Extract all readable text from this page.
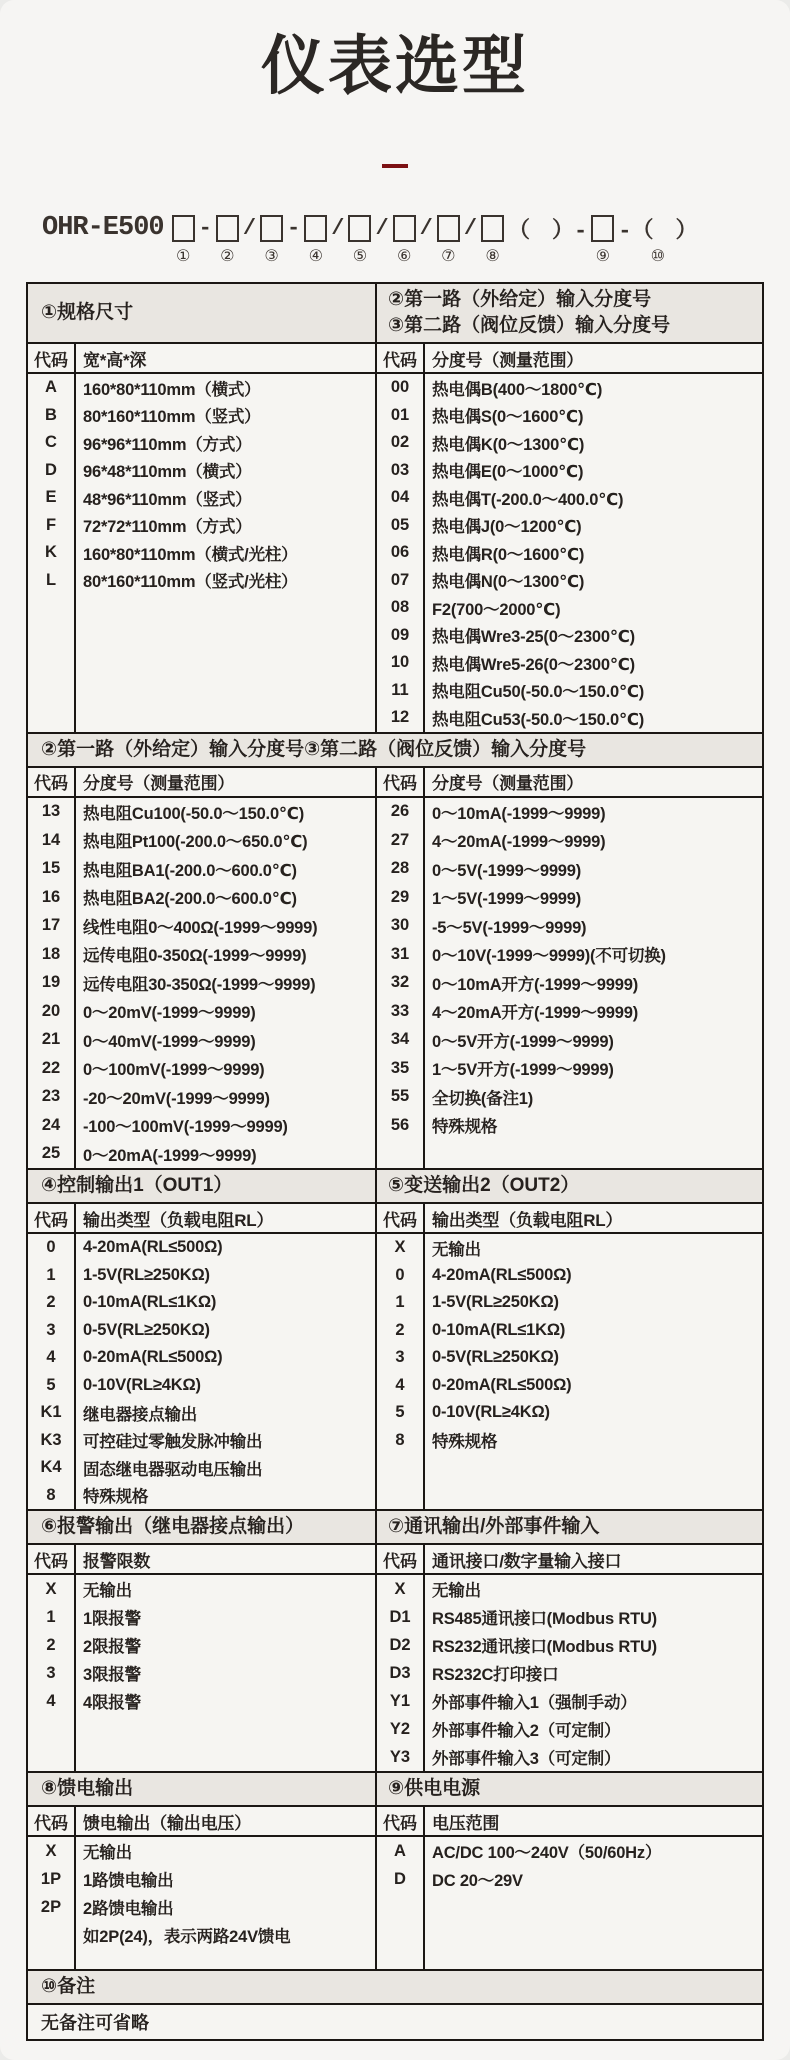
仪表选型
OHR-E500

①
-

②
/

③
-

④
/

⑤
/

⑥
/

⑦
/

⑧
（　）-

⑨
-（　）
⑩
①规格尺寸
②第一路（外给定）输入分度号
③第二路（阀位反馈）输入分度号
代码 宽*高*深
A	160*80*110mm（横式）
B	80*160*110mm（竖式）
C	96*96*110mm（方式）
D	96*48*110mm（横式）
E	48*96*110mm（竖式）
F	72*72*110mm（方式）
K	160*80*110mm（横式/光柱）
L	80*160*110mm（竖式/光柱）
代码 分度号（测量范围）
00	热电偶B(400～1800℃)
01	热电偶S(0～1600℃)
02	热电偶K(0～1300℃)
03	热电偶E(0～1000℃)
04	热电偶T(-200.0～400.0℃)
05	热电偶J(0～1200℃)
06	热电偶R(0～1600℃)
07	热电偶N(0～1300℃)
08	F2(700～2000℃)
09	热电偶Wre3-25(0～2300℃)
10	热电偶Wre5-26(0～2300℃)
11	热电阻Cu50(-50.0～150.0℃)
12	热电阻Cu53(-50.0～150.0℃)
②第一路（外给定）输入分度号③第二路（阀位反馈）输入分度号
代码 分度号（测量范围）
13	热电阻Cu100(-50.0～150.0℃)
14	热电阻Pt100(-200.0～650.0℃)
15	热电阻BA1(-200.0～600.0℃)
16	热电阻BA2(-200.0～600.0℃)
17	线性电阻0～400Ω(-1999～9999)
18	远传电阻0-350Ω(-1999～9999)
19	远传电阻30-350Ω(-1999～9999)
20	0～20mV(-1999～9999)
21	0～40mV(-1999～9999)
22	0～100mV(-1999～9999)
23	-20～20mV(-1999～9999)
24	-100～100mV(-1999～9999)
25	0～20mA(-1999～9999)
代码 分度号（测量范围）
26	0～10mA(-1999～9999)
27	4～20mA(-1999～9999)
28	0～5V(-1999～9999)
29	1～5V(-1999～9999)
30	-5～5V(-1999～9999)
31	0～10V(-1999～9999)(不可切换)
32	0～10mA开方(-1999～9999)
33	4～20mA开方(-1999～9999)
34	0～5V开方(-1999～9999)
35	1～5V开方(-1999～9999)
55	全切换(备注1)
56	特殊规格
④控制输出1（OUT1）	⑤变送输出2（OUT2）
代码 输出类型（负载电阻RL）
0	4-20mA(RL≤500Ω)
1	1-5V(RL≥250KΩ)
2	0-10mA(RL≤1KΩ)
3	0-5V(RL≥250KΩ)
4	0-20mA(RL≤500Ω)
5	0-10V(RL≥4KΩ)
K1	继电器接点输出
K3	可控硅过零触发脉冲输出
K4	固态继电器驱动电压输出
8	特殊规格
代码 输出类型（负载电阻RL）
X	无输出
0	4-20mA(RL≤500Ω)
1	1-5V(RL≥250KΩ)
2	0-10mA(RL≤1KΩ)
3	0-5V(RL≥250KΩ)
4	0-20mA(RL≤500Ω)
5	0-10V(RL≥4KΩ)
8	特殊规格
⑥报警输出（继电器接点输出）	⑦通讯输出/外部事件输入
代码 报警限数
X	无输出
1	1限报警
2	2限报警
3	3限报警
4	4限报警
代码 通讯接口/数字量输入接口
X	无输出
D1	RS485通讯接口(Modbus RTU)
D2	RS232通讯接口(Modbus RTU)
D3	RS232C打印接口
Y1	外部事件输入1（强制手动）
Y2	外部事件输入2（可定制）
Y3	外部事件输入3（可定制）
⑧馈电输出	⑨供电电源
代码 馈电输出（输出电压）
X	无输出
1P	1路馈电输出
2P	2路馈电输出
如2P(24)，表示两路24V馈电
代码 电压范围
A	AC/DC 100～240V（50/60Hz）
D	DC 20～29V
⑩备注
无备注可省略
